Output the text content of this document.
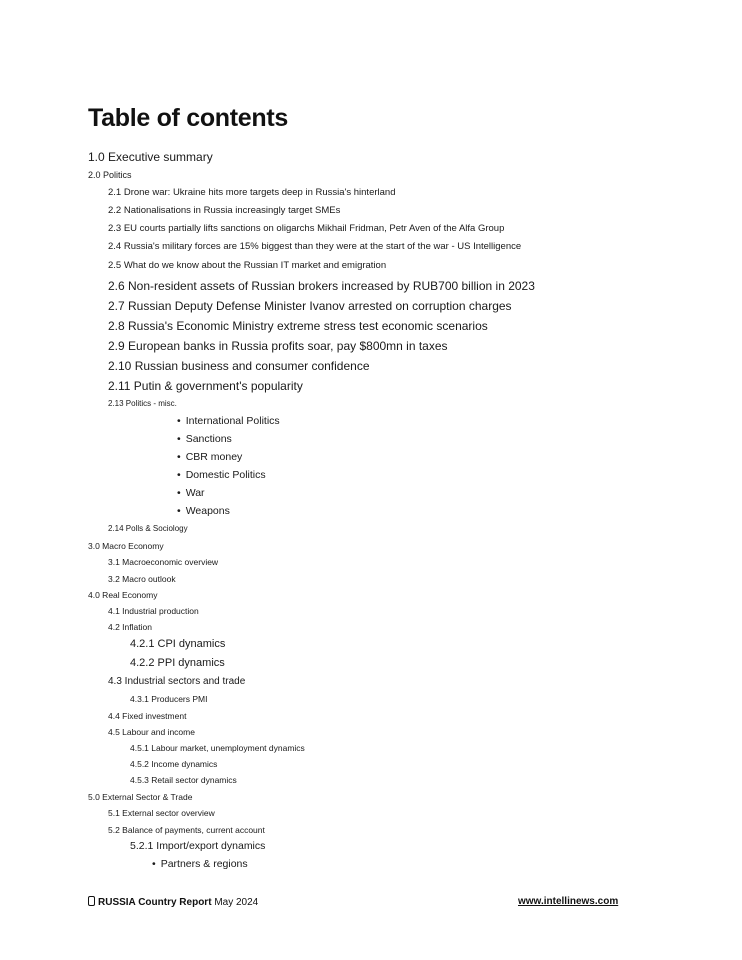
Table of contents
1.0 Executive summary
2.0 Politics
2.1 Drone war: Ukraine hits more targets deep in Russia's hinterland
2.2 Nationalisations in Russia increasingly target SMEs
2.3 EU courts partially lifts sanctions on oligarchs Mikhail Fridman, Petr Aven of the Alfa Group
2.4 Russia's military forces are 15% biggest than they were at the start of the war - US Intelligence
2.5 What do we know about the Russian IT market and emigration
2.6 Non-resident assets of Russian brokers increased by RUB700 billion in 2023
2.7 Russian Deputy Defense Minister Ivanov arrested on corruption charges
2.8 Russia's Economic Ministry extreme stress test economic scenarios
2.9 European banks in Russia profits soar, pay $800mn in taxes
2.10 Russian business and consumer confidence
2.11 Putin & government's popularity
2.13 Politics - misc.
• International Politics
• Sanctions
• CBR money
• Domestic Politics
• War
• Weapons
2.14 Polls & Sociology
3.0 Macro Economy
3.1 Macroeconomic overview
3.2 Macro outlook
4.0 Real Economy
4.1 Industrial production
4.2 Inflation
4.2.1 CPI dynamics
4.2.2 PPI dynamics
4.3 Industrial sectors and trade
4.3.1 Producers PMI
4.4 Fixed investment
4.5 Labour and income
4.5.1 Labour market, unemployment dynamics
4.5.2 Income dynamics
4.5.3 Retail sector dynamics
5.0 External Sector & Trade
5.1 External sector overview
5.2 Balance of payments, current account
5.2.1 Import/export dynamics
• Partners & regions
RUSSIA Country Report May 2024	www.intellinews.com
